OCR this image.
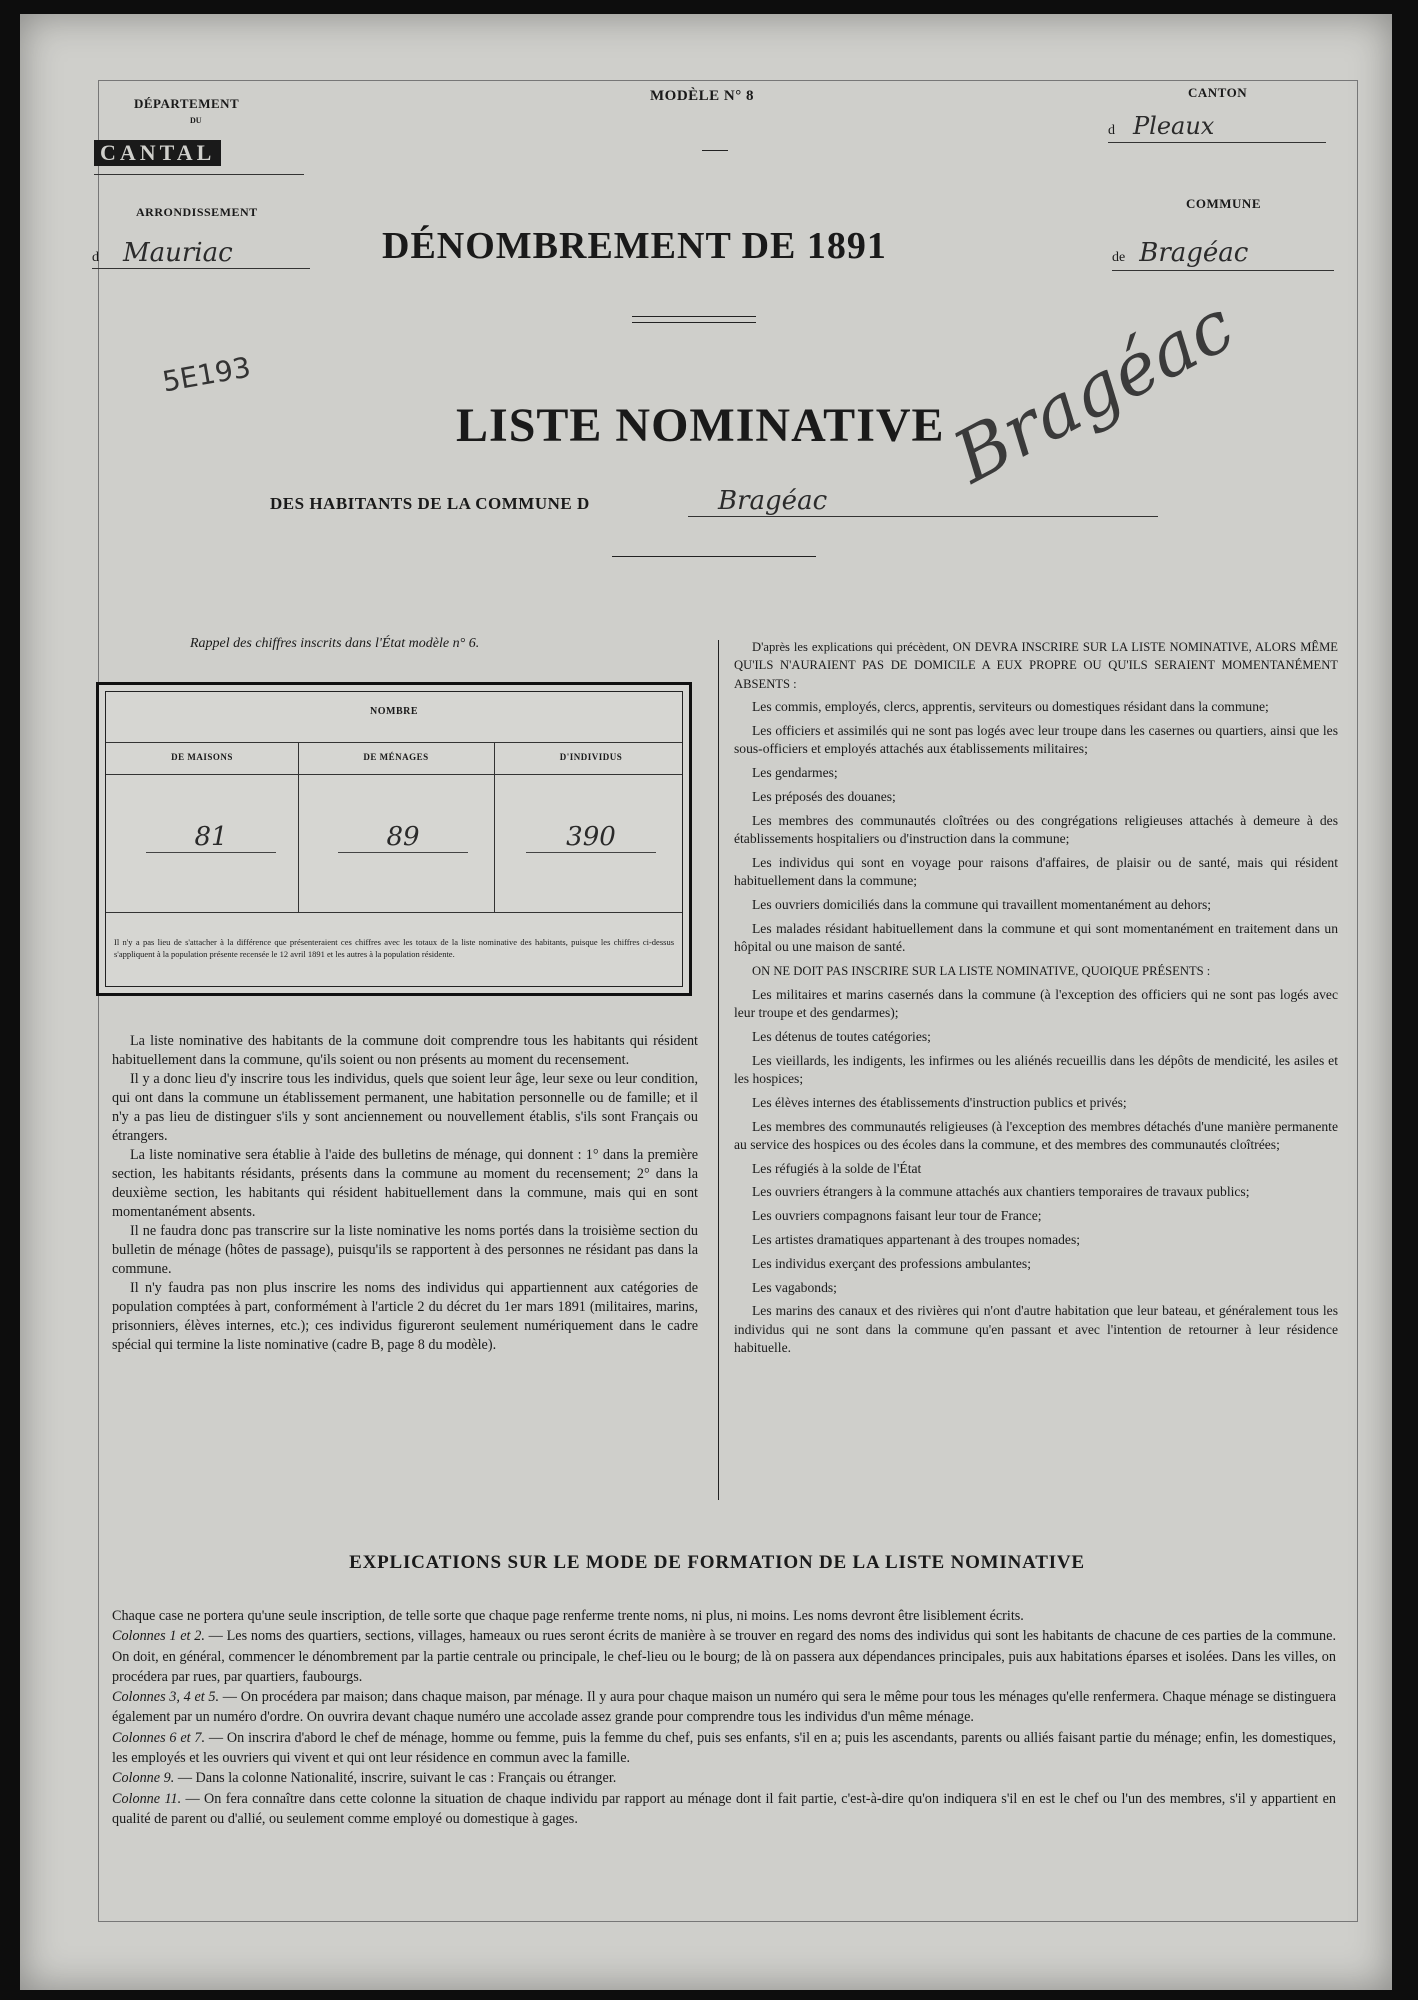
DÉPARTEMENT
DU
CANTAL
ARRONDISSEMENT
d Mauriac
MODÈLE N° 8	CANTON
d Pleaux
COMMUNE
de Bragéac
DÉNOMBREMENT DE 1891
5E193
LISTE NOMINATIVE
DES HABITANTS DE LA COMMUNE D	Bragéac
Bragéac
Rappel des chiffres inscrits dans l'État modèle n° 6.
NOMBRE
DE MAISONS	DE MÉNAGES	D'INDIVIDUS
81	89	390
Il n'y a pas lieu de s'attacher à la différence que présenteraient ces chiffres avec les totaux de la liste nominative des habitants, puisque les chiffres ci-dessus s'appliquent à la population présente recensée le 12 avril 1891 et les autres à la population résidente.

La liste nominative des habitants de la commune doit comprendre tous les habitants qui résident habituellement dans la commune, qu'ils soient ou non présents au moment du recensement.

Il y a donc lieu d'y inscrire tous les individus, quels que soient leur âge, leur sexe ou leur condition, qui ont dans la commune un établissement permanent, une habitation personnelle ou de famille; et il n'y a pas lieu de distinguer s'ils y sont anciennement ou nouvellement établis, s'ils sont Français ou étrangers.

La liste nominative sera établie à l'aide des bulletins de ménage, qui donnent : 1° dans la première section, les habitants résidants, présents dans la commune au moment du recensement; 2° dans la deuxième section, les habitants qui résident habituellement dans la commune, mais qui en sont momentanément absents.

Il ne faudra donc pas transcrire sur la liste nominative les noms portés dans la troisième section du bulletin de ménage (hôtes de passage), puisqu'ils se rapportent à des personnes ne résidant pas dans la commune.

Il n'y faudra pas non plus inscrire les noms des individus qui appartiennent aux catégories de population comptées à part, conformément à l'article 2 du décret du 1er mars 1891 (militaires, marins, prisonniers, élèves internes, etc.); ces individus figureront seulement numériquement dans le cadre spécial qui termine la liste nominative (cadre B, page 8 du modèle).

D'après les explications qui précèdent, ON DEVRA INSCRIRE SUR LA LISTE NOMINATIVE, ALORS MÊME QU'ILS N'AURAIENT PAS DE DOMICILE A EUX PROPRE OU QU'ILS SERAIENT MOMENTANÉMENT ABSENTS :

Les commis, employés, clercs, apprentis, serviteurs ou domestiques résidant dans la commune;

Les officiers et assimilés qui ne sont pas logés avec leur troupe dans les casernes ou quartiers, ainsi que les sous-officiers et employés attachés aux établissements militaires;

Les gendarmes;

Les préposés des douanes;

Les membres des communautés cloîtrées ou des congrégations religieuses attachés à demeure à des établissements hospitaliers ou d'instruction dans la commune;

Les individus qui sont en voyage pour raisons d'affaires, de plaisir ou de santé, mais qui résident habituellement dans la commune;

Les ouvriers domiciliés dans la commune qui travaillent momentanément au dehors;

Les malades résidant habituellement dans la commune et qui sont momentanément en traitement dans un hôpital ou une maison de santé.

ON NE DOIT PAS INSCRIRE SUR LA LISTE NOMINATIVE, QUOIQUE PRÉSENTS :

Les militaires et marins casernés dans la commune (à l'exception des officiers qui ne sont pas logés avec leur troupe et des gendarmes);

Les détenus de toutes catégories;

Les vieillards, les indigents, les infirmes ou les aliénés recueillis dans les dépôts de mendicité, les asiles et les hospices;

Les élèves internes des établissements d'instruction publics et privés;

Les membres des communautés religieuses (à l'exception des membres détachés d'une manière permanente au service des hospices ou des écoles dans la commune, et des membres des communautés cloîtrées;

Les réfugiés à la solde de l'État

Les ouvriers étrangers à la commune attachés aux chantiers temporaires de travaux publics;

Les ouvriers compagnons faisant leur tour de France;

Les artistes dramatiques appartenant à des troupes nomades;

Les individus exerçant des professions ambulantes;

Les vagabonds;

Les marins des canaux et des rivières qui n'ont d'autre habitation que leur bateau, et généralement tous les individus qui ne sont dans la commune qu'en passant et avec l'intention de retourner à leur résidence habituelle.

EXPLICATIONS SUR LE MODE DE FORMATION DE LA LISTE NOMINATIVE

Chaque case ne portera qu'une seule inscription, de telle sorte que chaque page renferme trente noms, ni plus, ni moins. Les noms devront être lisiblement écrits.

Colonnes 1 et 2. — Les noms des quartiers, sections, villages, hameaux ou rues seront écrits de manière à se trouver en regard des noms des individus qui sont les habitants de chacune de ces parties de la commune. On doit, en général, commencer le dénombrement par la partie centrale ou principale, le chef-lieu ou le bourg; de là on passera aux dépendances principales, puis aux habitations éparses et isolées. Dans les villes, on procédera par rues, par quartiers, faubourgs.

Colonnes 3, 4 et 5. — On procédera par maison; dans chaque maison, par ménage. Il y aura pour chaque maison un numéro qui sera le même pour tous les ménages qu'elle renfermera. Chaque ménage se distinguera également par un numéro d'ordre. On ouvrira devant chaque numéro une accolade assez grande pour comprendre tous les individus d'un même ménage.

Colonnes 6 et 7. — On inscrira d'abord le chef de ménage, homme ou femme, puis la femme du chef, puis ses enfants, s'il en a; puis les ascendants, parents ou alliés faisant partie du ménage; enfin, les domestiques, les employés et les ouvriers qui vivent et qui ont leur résidence en commun avec la famille.

Colonne 9. — Dans la colonne Nationalité, inscrire, suivant le cas : Français ou étranger.

Colonne 11. — On fera connaître dans cette colonne la situation de chaque individu par rapport au ménage dont il fait partie, c'est-à-dire qu'on indiquera s'il en est le chef ou l'un des membres, s'il y appartient en qualité de parent ou d'allié, ou seulement comme employé ou domestique à gages.
